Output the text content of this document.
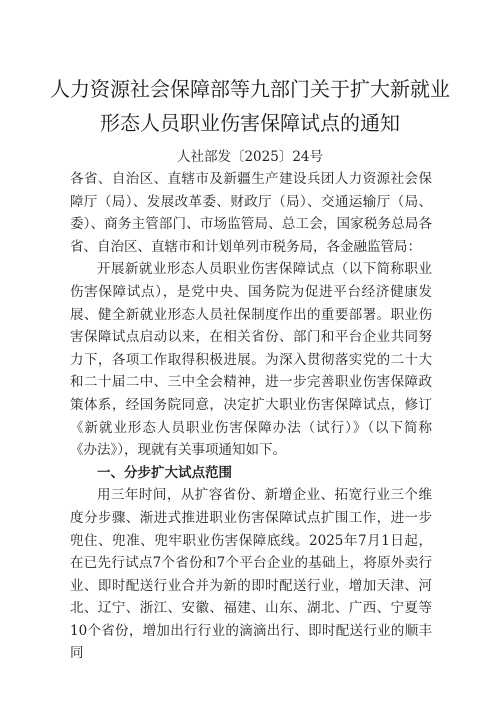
人力资源社会保障部等九部门关于扩大新就业
形态人员职业伤害保障试点的通知
人社部发〔2025〕24号

各省、自治区、直辖市及新疆生产建设兵团人力资源社会保障厅（局）、发展改革委、财政厅（局）、交通运输厅（局、委）、商务主管部门、市场监管局、总工会，国家税务总局各省、自治区、直辖市和计划单列市税务局，各金融监管局：

开展新就业形态人员职业伤害保障试点（以下简称职业伤害保障试点），是党中央、国务院为促进平台经济健康发展、健全新就业形态人员社保制度作出的重要部署。职业伤害保障试点启动以来，在相关省份、部门和平台企业共同努力下，各项工作取得积极进展。为深入贯彻落实党的二十大和二十届二中、三中全会精神，进一步完善职业伤害保障政策体系，经国务院同意，决定扩大职业伤害保障试点，修订《新就业形态人员职业伤害保障办法（试行）》（以下简称《办法》），现就有关事项通知如下。

一、分步扩大试点范围

用三年时间，从扩容省份、新增企业、拓宽行业三个维度分步骤、渐进式推进职业伤害保障试点扩围工作，进一步兜住、兜准、兜牢职业伤害保障底线。2025年7月1日起，在已先行试点7个省份和7个平台企业的基础上，将原外卖行业、即时配送行业合并为新的即时配送行业，增加天津、河北、辽宁、浙江、安徽、福建、山东、湖北、广西、宁夏等10个省份，增加出行行业的滴滴出行、即时配送行业的顺丰同
